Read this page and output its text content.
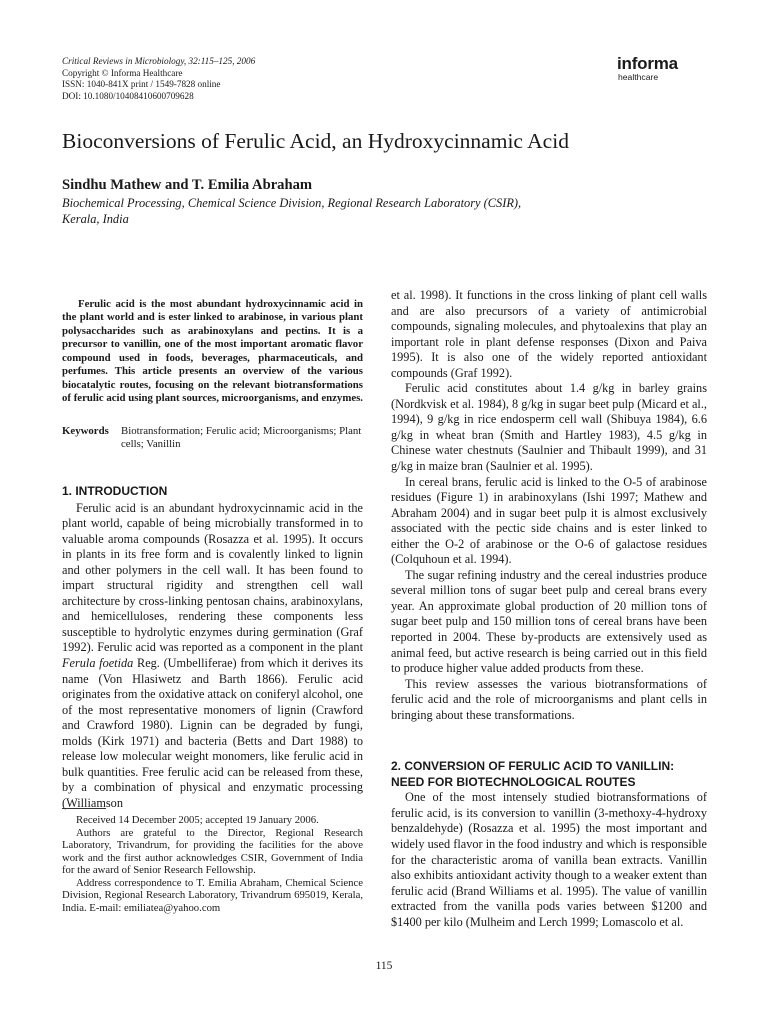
Critical Reviews in Microbiology, 32:115–125, 2006
Copyright © Informa Healthcare
ISSN: 1040-841X print / 1549-7828 online
DOI: 10.1080/10408410600709628
informa
healthcare
Bioconversions of Ferulic Acid, an Hydroxycinnamic Acid
Sindhu Mathew and T. Emilia Abraham
Biochemical Processing, Chemical Science Division, Regional Research Laboratory (CSIR), Kerala, India

Ferulic acid is the most abundant hydroxycinnamic acid in the plant world and is ester linked to arabinose, in various plant polysaccharides such as arabinoxylans and pectins. It is a precursor to vanillin, one of the most important aromatic flavor compound used in foods, beverages, pharmaceuticals, and perfumes. This article presents an overview of the various biocatalytic routes, focusing on the relevant biotransformations of ferulic acid using plant sources, microorganisms, and enzymes.

Keywords	Biotransformation; Ferulic acid; Microorganisms; Plant cells; Vanillin
1. INTRODUCTION

Ferulic acid is an abundant hydroxycinnamic acid in the plant world, capable of being microbially transformed in to valuable aroma compounds (Rosazza et al. 1995). It occurs in plants in its free form and is covalently linked to lignin and other polymers in the cell wall. It has been found to impart structural rigidity and strengthen cell wall architecture by cross-linking pentosan chains, arabinoxylans, and hemicelluloses, rendering these components less susceptible to hydrolytic enzymes during germination (Graf 1992). Ferulic acid was reported as a component in the plant Ferula foetida Reg. (Umbelliferae) from which it derives its name (Von Hlasiwetz and Barth 1866). Ferulic acid originates from the oxidative attack on coniferyl alcohol, one of the most representative monomers of lignin (Crawford and Crawford 1980). Lignin can be degraded by fungi, molds (Kirk 1971) and bacteria (Betts and Dart 1988) to release low molecular weight monomers, like ferulic acid in bulk quantities. Free ferulic acid can be released from these, by a combination of physical and enzymatic processing (Williamson

Received 14 December 2005; accepted 19 January 2006.

Authors are grateful to the Director, Regional Research Laboratory, Trivandrum, for providing the facilities for the above work and the first author acknowledges CSIR, Government of India for the award of Senior Research Fellowship.

Address correspondence to T. Emilia Abraham, Chemical Science Division, Regional Research Laboratory, Trivandrum 695019, Kerala, India. E-mail: emiliatea@yahoo.com

et al. 1998). It functions in the cross linking of plant cell walls and are also precursors of a variety of antimicrobial compounds, signaling molecules, and phytoalexins that play an important role in plant defense responses (Dixon and Paiva 1995). It is also one of the widely reported antioxidant compounds (Graf 1992).

Ferulic acid constitutes about 1.4 g/kg in barley grains (Nordkvisk et al. 1984), 8 g/kg in sugar beet pulp (Micard et al., 1994), 9 g/kg in rice endosperm cell wall (Shibuya 1984), 6.6 g/kg in wheat bran (Smith and Hartley 1983), 4.5 g/kg in Chinese water chestnuts (Saulnier and Thibault 1999), and 31 g/kg in maize bran (Saulnier et al. 1995).

In cereal brans, ferulic acid is linked to the O-5 of arabinose residues (Figure 1) in arabinoxylans (Ishi 1997; Mathew and Abraham 2004) and in sugar beet pulp it is almost exclusively associated with the pectic side chains and is ester linked to either the O-2 of arabinose or the O-6 of galactose residues (Colquhoun et al. 1994).

The sugar refining industry and the cereal industries produce several million tons of sugar beet pulp and cereal brans every year. An approximate global production of 20 million tons of sugar beet pulp and 150 million tons of cereal brans have been reported in 2004. These by-products are extensively used as animal feed, but active research is being carried out in this field to produce higher value added products from these.

This review assesses the various biotransformations of ferulic acid and the role of microorganisms and plant cells in bringing about these transformations.

2. CONVERSION OF FERULIC ACID TO VANILLIN:
NEED FOR BIOTECHNOLOGICAL ROUTES

One of the most intensely studied biotransformations of ferulic acid, is its conversion to vanillin (3-methoxy-4-hydroxy benzaldehyde) (Rosazza et al. 1995) the most important and widely used flavor in the food industry and which is responsible for the characteristic aroma of vanilla bean extracts. Vanillin also exhibits antioxidant activity though to a weaker extent than ferulic acid (Brand Williams et al. 1995). The value of vanillin extracted from the vanilla pods varies between $1200 and $1400 per kilo (Mulheim and Lerch 1999; Lomascolo et al.

115
